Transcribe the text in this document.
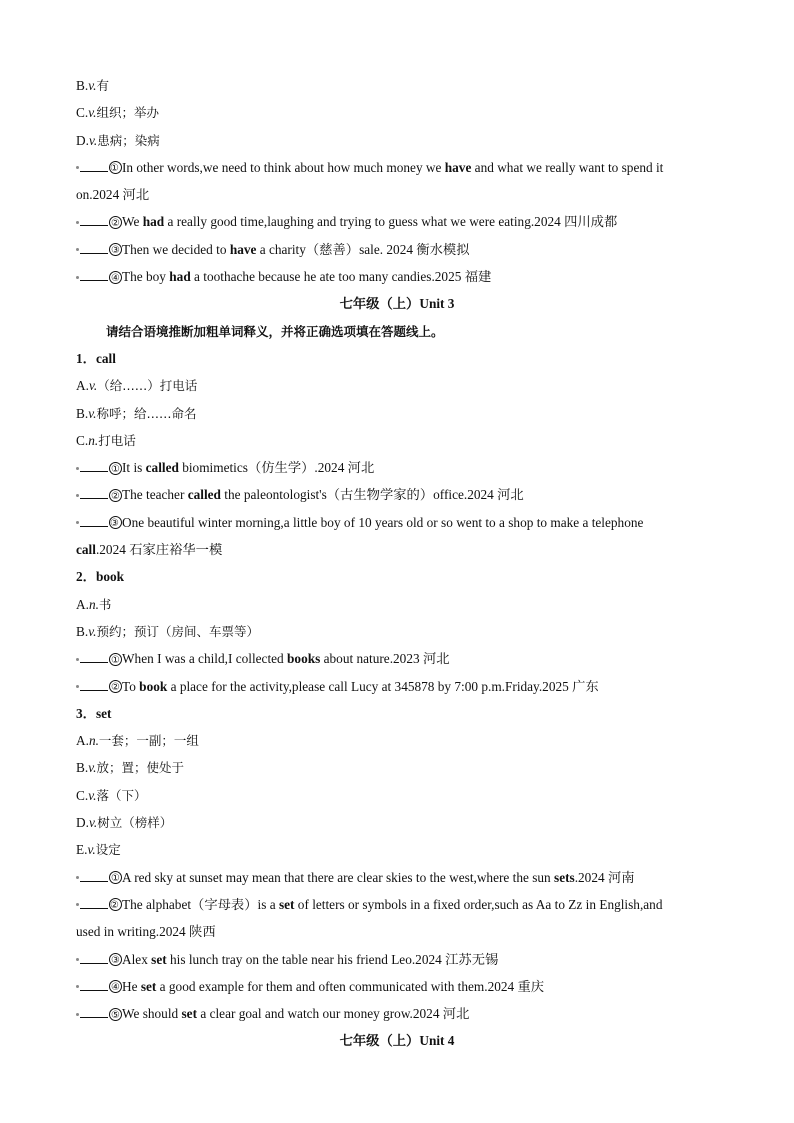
B.v.有
C.v.组织；举办
D.v.患病；染病
① In other words,we need to think about how much money we have and what we really want to spend it
on.2024 河北
② We had a really good time,laughing and trying to guess what we were eating.2024 四川成都
③ Then we decided to have a charity（慈善）sale. 2024 衡水模拟
④ The boy had a toothache because he ate too many candies.2025 福建
七年级（上）Unit 3
请结合语境推断加粗单词释义，并将正确选项填在答题线上。
1．call
A.v.（给……）打电话
B.v.称呼；给……命名
C.n.打电话
① It is called biomimetics（仿生学）.2024 河北
② The teacher called the paleontologist's（古生物学家的）office.2024 河北
③ One beautiful winter morning,a little boy of 10 years old or so went to a shop to make a telephone
call.2024 石家庄裕华一模
2．book
A.n.书
B.v.预约；预订（房间、车票等）
① When I was a child,I collected books about nature.2023 河北
② To book a place for the activity,please call Lucy at 345878 by 7:00 p.m.Friday.2025 广东
3．set
A.n.一套；一副；一组
B.v.放；置；使处于
C.v.落（下）
D.v.树立（榜样）
E.v.设定
① A red sky at sunset may mean that there are clear skies to the west,where the sun sets.2024 河南
② The alphabet（字母表）is a set of letters or symbols in a fixed order,such as Aa to Zz in English,and
used in writing.2024 陕西
③ Alex set his lunch tray on the table near his friend Leo.2024 江苏无锡
④ He set a good example for them and often communicated with them.2024 重庆
⑤ We should set a clear goal and watch our money grow.2024 河北
七年级（上）Unit 4
